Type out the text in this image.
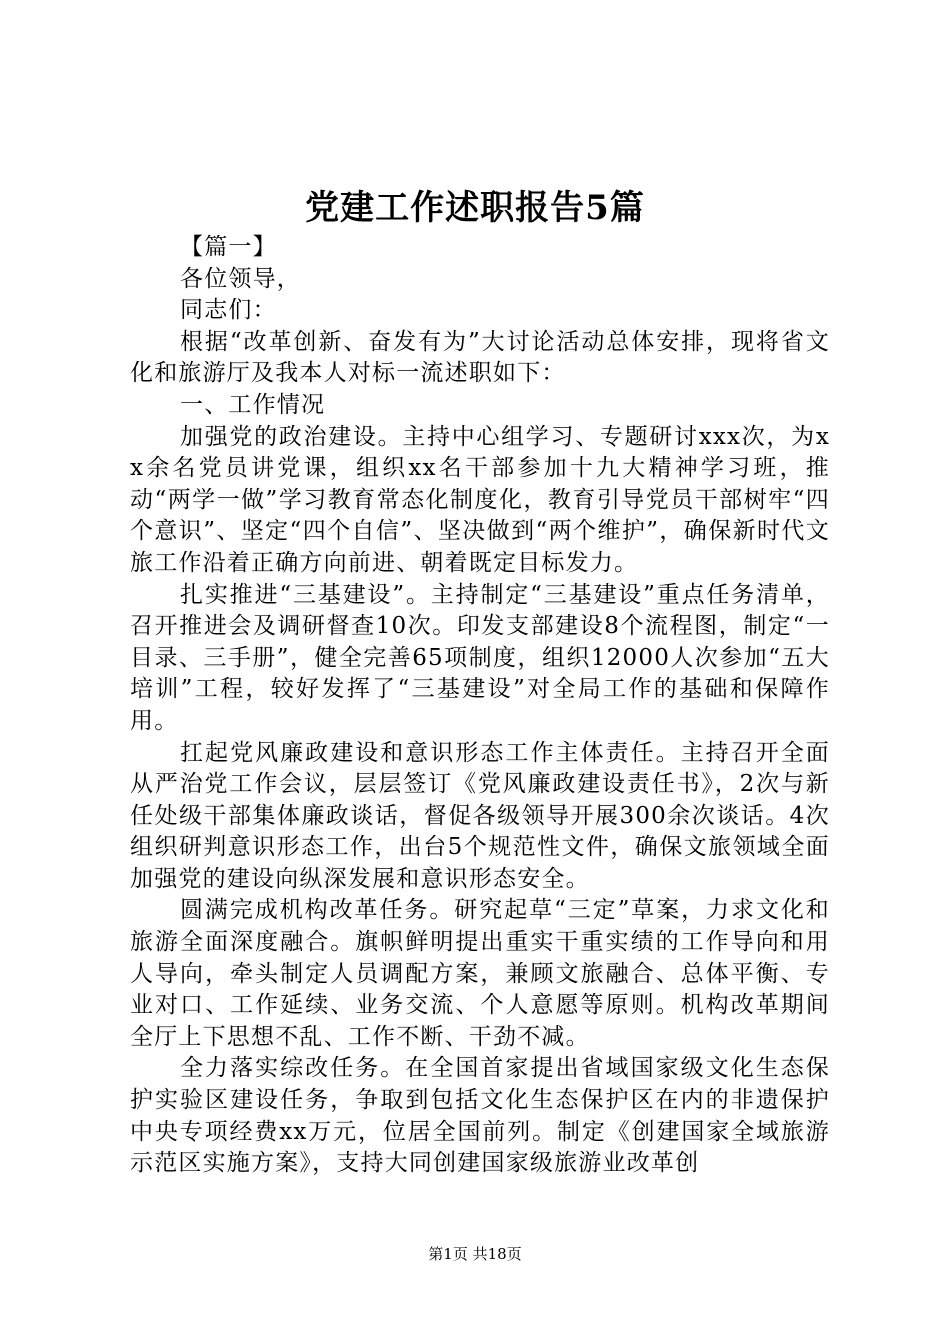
党建工作述职报告5篇

【篇一】

各位领导，

同志们：

根据“改革创新、奋发有为”大讨论活动总体安排，现将省文化和旅游厅及我本人对标一流述职如下：

一、工作情况

加强党的政治建设。主持中心组学习、专题研讨xxx次，为xx余名党员讲党课，组织xx名干部参加十九大精神学习班，推动“两学一做”学习教育常态化制度化，教育引导党员干部树牢“四个意识”、坚定“四个自信”、坚决做到“两个维护”，确保新时代文旅工作沿着正确方向前进、朝着既定目标发力。

扎实推进“三基建设”。主持制定“三基建设”重点任务清单，召开推进会及调研督查10次。印发支部建设8个流程图，制定“一目录、三手册”，健全完善65项制度，组织12000人次参加“五大培训”工程，较好发挥了“三基建设”对全局工作的基础和保障作用。

扛起党风廉政建设和意识形态工作主体责任。主持召开全面从严治党工作会议，层层签订《党风廉政建设责任书》，2次与新任处级干部集体廉政谈话，督促各级领导开展300余次谈话。4次组织研判意识形态工作，出台5个规范性文件，确保文旅领域全面加强党的建设向纵深发展和意识形态安全。

圆满完成机构改革任务。研究起草“三定”草案，力求文化和旅游全面深度融合。旗帜鲜明提出重实干重实绩的工作导向和用人导向，牵头制定人员调配方案，兼顾文旅融合、总体平衡、专业对口、工作延续、业务交流、个人意愿等原则。机构改革期间全厅上下思想不乱、工作不断、干劲不减。

全力落实综改任务。在全国首家提出省域国家级文化生态保护实验区建设任务，争取到包括文化生态保护区在内的非遗保护中央专项经费xx万元，位居全国前列。制定《创建国家全域旅游示范区实施方案》，支持大同创建国家级旅游业改革创

第1页 共18页
